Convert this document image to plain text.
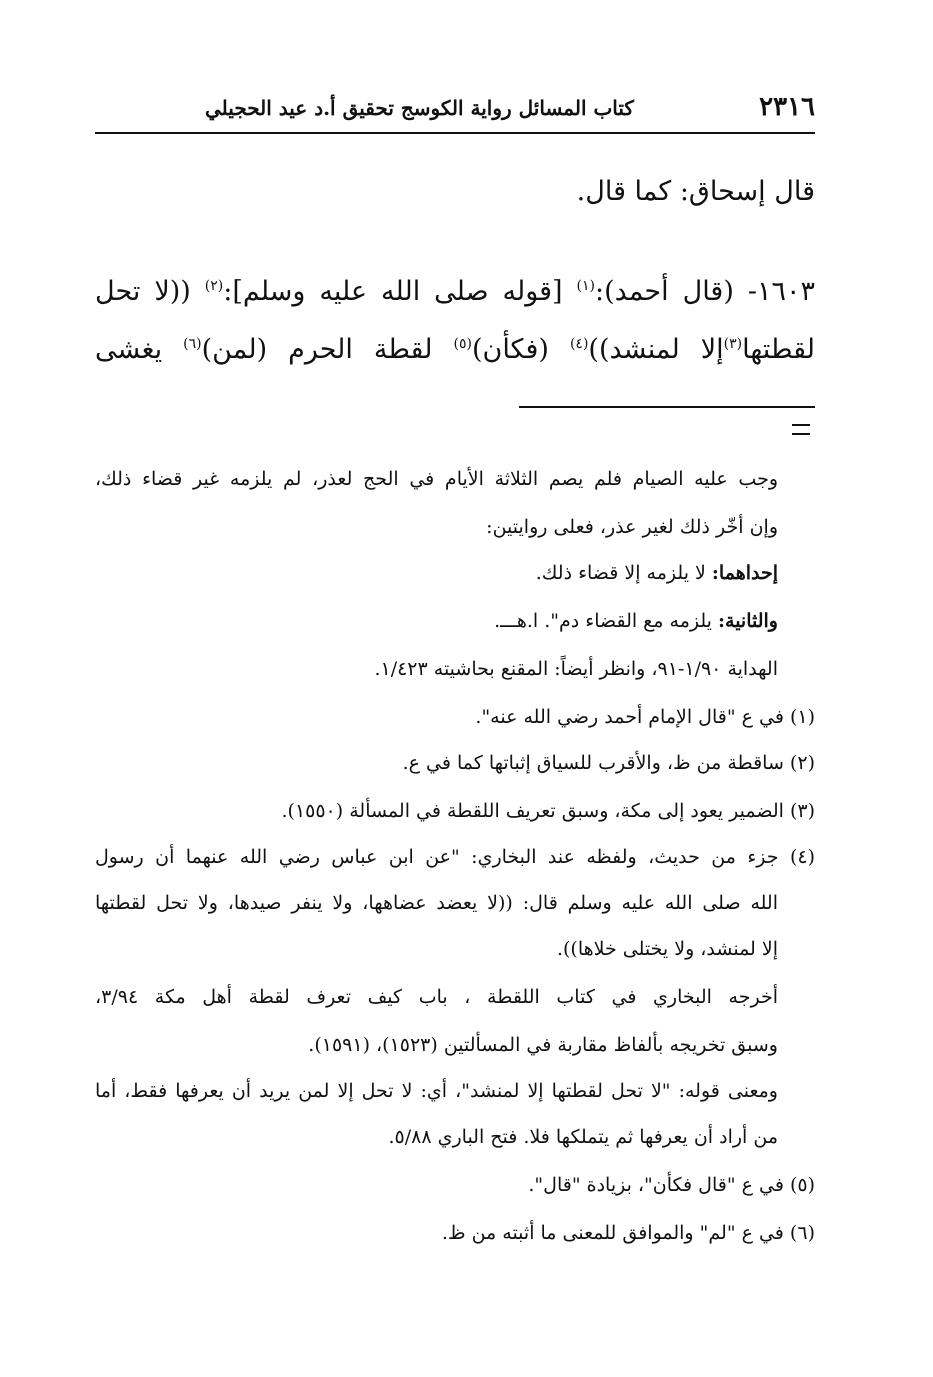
٢٣١٦
كتاب المسائل رواية الكوسج تحقيق أ.د عيد الحجيلي
قال إسحاق: كما قال.
١٦٠٣- (قال أحمد):$^{(١)}$ [قوله صلى الله عليه وسلم]:$^{(٢)}$ ((لا تحل
لقطتها$^{(٣)}$إلا لمنشد))$^{(٤)}$ (فكأن)$^{(٥)}$ لقطة الحرم (لمن)$^{(٦)}$ يغشى
وجب عليه الصيام فلم يصم الثلاثة الأيام في الحج لعذر، لم يلزمه غير قضاء ذلك،
وإن أخّر ذلك لغير عذر، فعلى روايتين:
إحداهما: لا يلزمه إلا قضاء ذلك.
والثانية: يلزمه مع القضاء دم". ا.هـــ.
الهداية ١/٩٠-٩١، وانظر أيضاً: المقنع بحاشيته ١/٤٢٣.
(١) في ع "قال الإمام أحمد رضي الله عنه".
(٢) ساقطة من ظ، والأقرب للسياق إثباتها كما في ع.
(٣) الضمير يعود إلى مكة، وسبق تعريف اللقطة في المسألة (١٥٥٠).
(٤) جزء من حديث، ولفظه عند البخاري: "عن ابن عباس رضي الله عنهما أن رسول
الله صلى الله عليه وسلم قال: ((لا يعضد عضاهها، ولا ينفر صيدها، ولا تحل لقطتها
إلا لمنشد، ولا يختلى خلاها)).
أخرجه البخاري في كتاب اللقطة ، باب كيف تعرف لقطة أهل مكة ٣/٩٤،
وسبق تخريجه بألفاظ مقاربة في المسألتين (١٥٢٣)، (١٥٩١).
ومعنى قوله: "لا تحل لقطتها إلا لمنشد"، أي: لا تحل إلا لمن يريد أن يعرفها فقط، أما
من أراد أن يعرفها ثم يتملكها فلا. فتح الباري ٥/٨٨.
(٥) في ع "قال فكأن"، بزيادة "قال".
(٦) في ع "لم" والموافق للمعنى ما أثبته من ظ.
